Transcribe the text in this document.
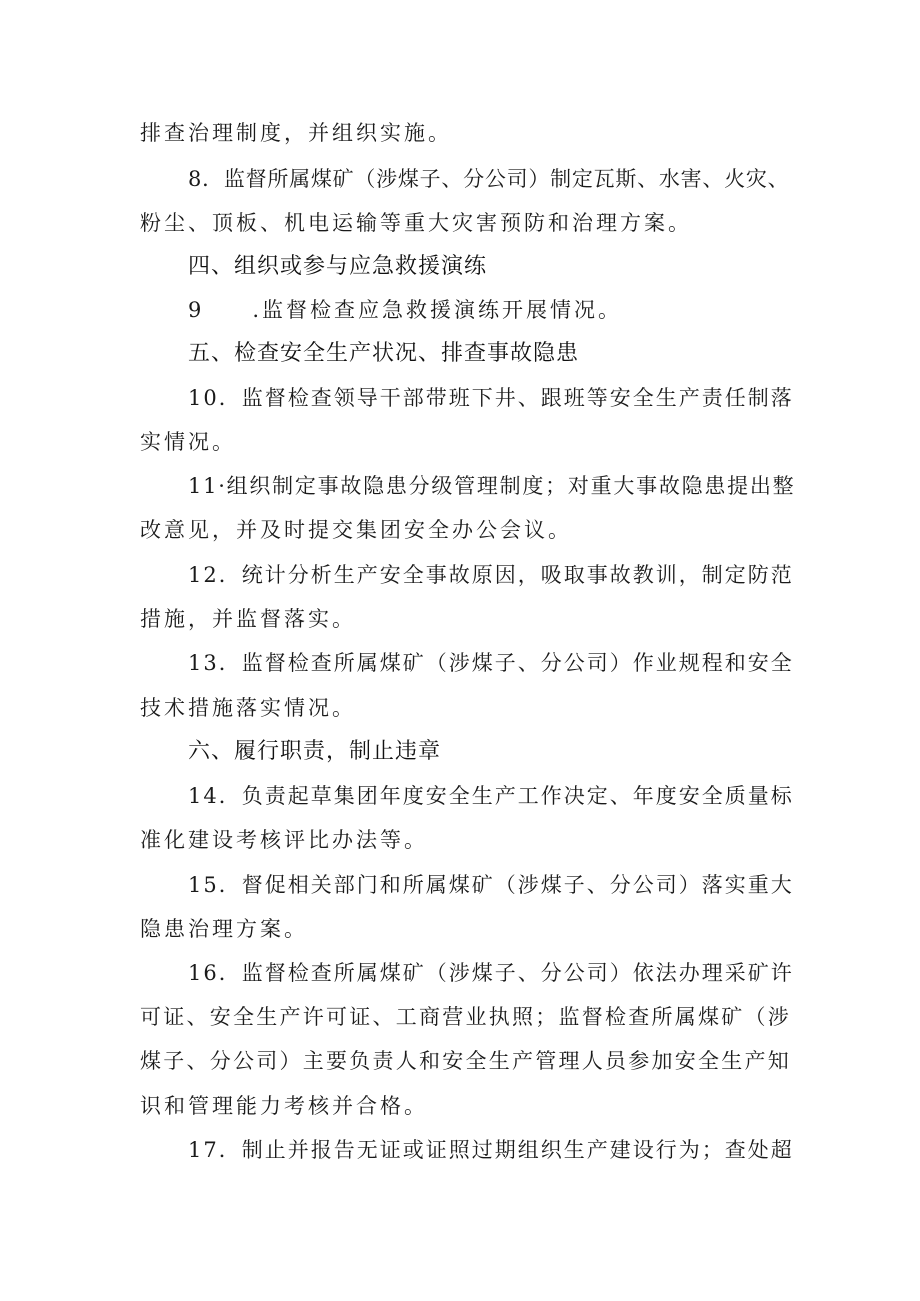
排查治理制度，并组织实施。
8．监督所属煤矿（涉煤子、分公司）制定瓦斯、水害、火灾、
粉尘、顶板、机电运输等重大灾害预防和治理方案。
四、组织或参与应急救援演练
9　　.监督检查应急救援演练开展情况。
五、检查安全生产状况、排查事故隐患
10．监督检查领导干部带班下井、跟班等安全生产责任制落
实情况。
11·组织制定事故隐患分级管理制度；对重大事故隐患提出整
改意见，并及时提交集团安全办公会议。
12．统计分析生产安全事故原因，吸取事故教训，制定防范
措施，并监督落实。
13．监督检查所属煤矿（涉煤子、分公司）作业规程和安全
技术措施落实情况。
六、履行职责，制止违章
14．负责起草集团年度安全生产工作决定、年度安全质量标
准化建设考核评比办法等。
15．督促相关部门和所属煤矿（涉煤子、分公司）落实重大
隐患治理方案。
16．监督检查所属煤矿（涉煤子、分公司）依法办理采矿许
可证、安全生产许可证、工商营业执照；监督检查所属煤矿（涉
煤子、分公司）主要负责人和安全生产管理人员参加安全生产知
识和管理能力考核并合格。
17．制止并报告无证或证照过期组织生产建设行为；查处超
